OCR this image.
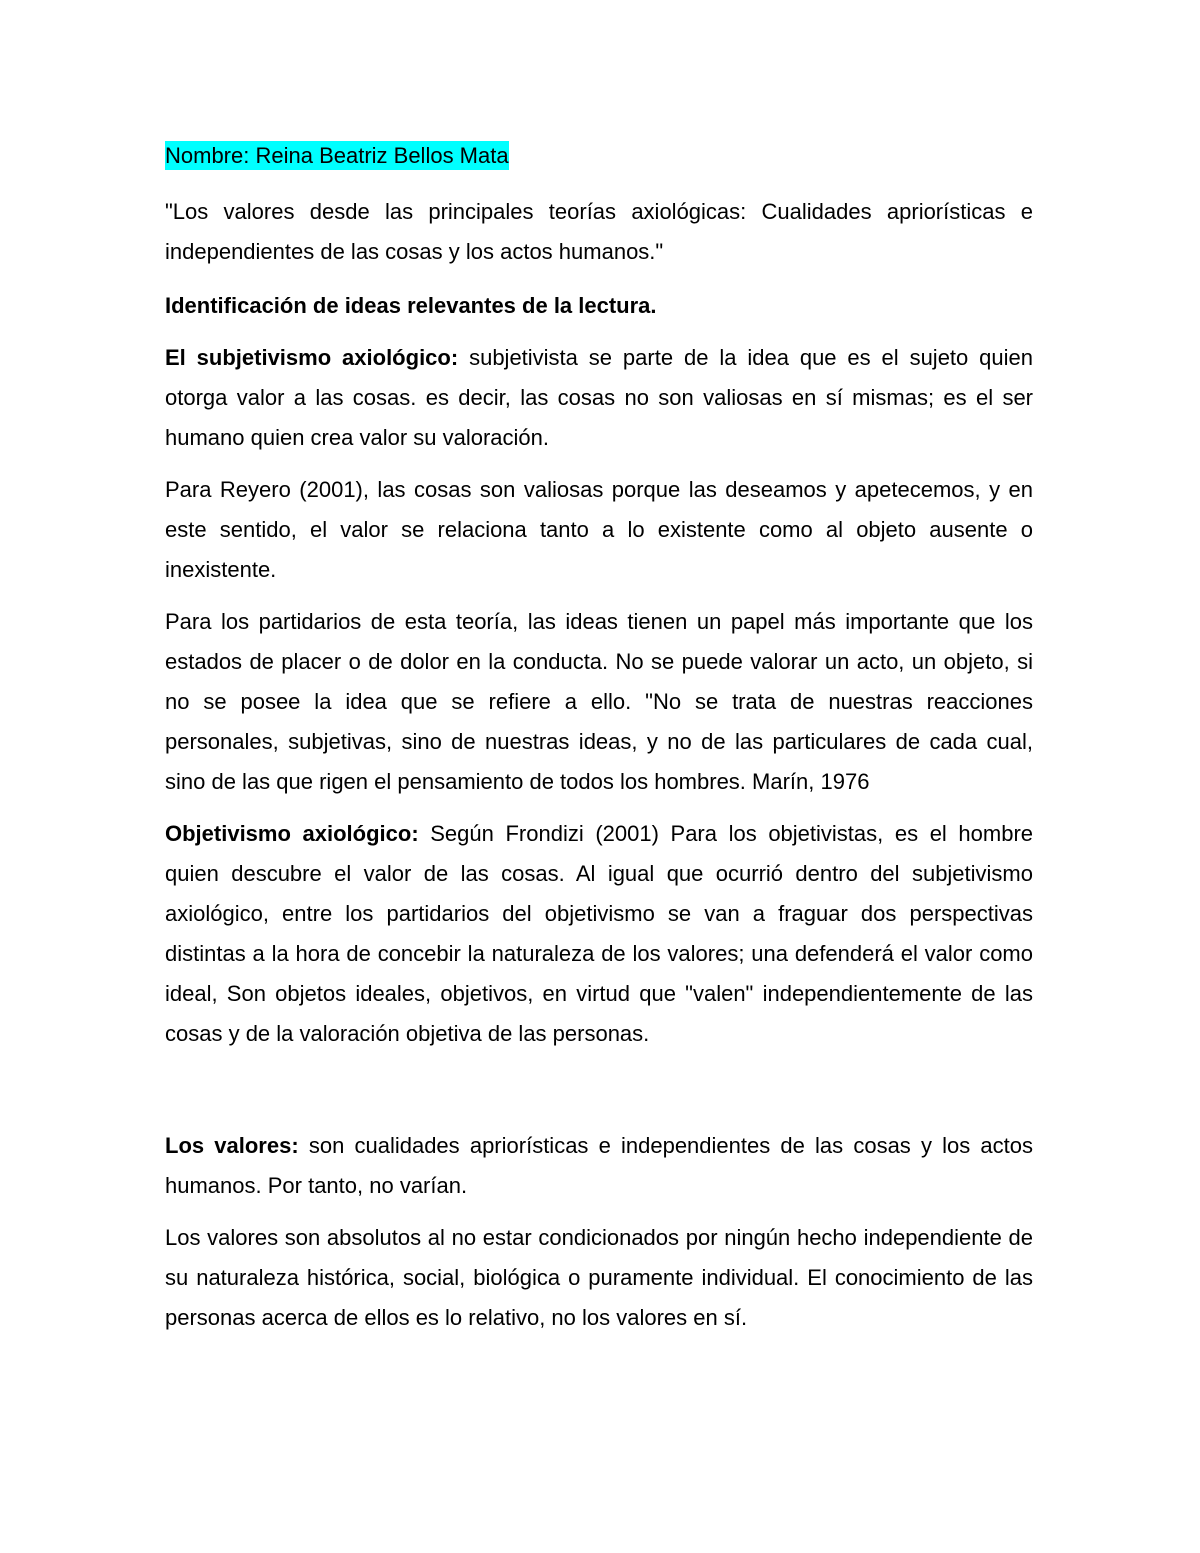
Nombre: Reina Beatriz Bellos Mata

"Los valores desde las principales teorías axiológicas: Cualidades apriorísticas e independientes de las cosas y los actos humanos."

Identificación de ideas relevantes de la lectura.

El subjetivismo axiológico: subjetivista se parte de la idea que es el sujeto quien otorga valor a las cosas. es decir, las cosas no son valiosas en sí mismas; es el ser humano quien crea valor su valoración.

Para Reyero (2001), las cosas son valiosas porque las deseamos y apetecemos, y en este sentido, el valor se relaciona tanto a lo existente como al objeto ausente o inexistente.

Para los partidarios de esta teoría, las ideas tienen un papel más importante que los estados de placer o de dolor en la conducta. No se puede valorar un acto, un objeto, si no se posee la idea que se refiere a ello. "No se trata de nuestras reacciones personales, subjetivas, sino de nuestras ideas, y no de las particulares de cada cual, sino de las que rigen el pensamiento de todos los hombres. Marín, 1976

Objetivismo axiológico: Según Frondizi (2001) Para los objetivistas, es el hombre quien descubre el valor de las cosas. Al igual que ocurrió dentro del subjetivismo axiológico, entre los partidarios del objetivismo se van a fraguar dos perspectivas distintas a la hora de concebir la naturaleza de los valores; una defenderá el valor como ideal, Son objetos ideales, objetivos, en virtud que "valen" independientemente de las cosas y de la valoración objetiva de las personas.

Los valores: son cualidades apriorísticas e independientes de las cosas y los actos humanos. Por tanto, no varían.

Los valores son absolutos al no estar condicionados por ningún hecho independiente de su naturaleza histórica, social, biológica o puramente individual. El conocimiento de las personas acerca de ellos es lo relativo, no los valores en sí.
